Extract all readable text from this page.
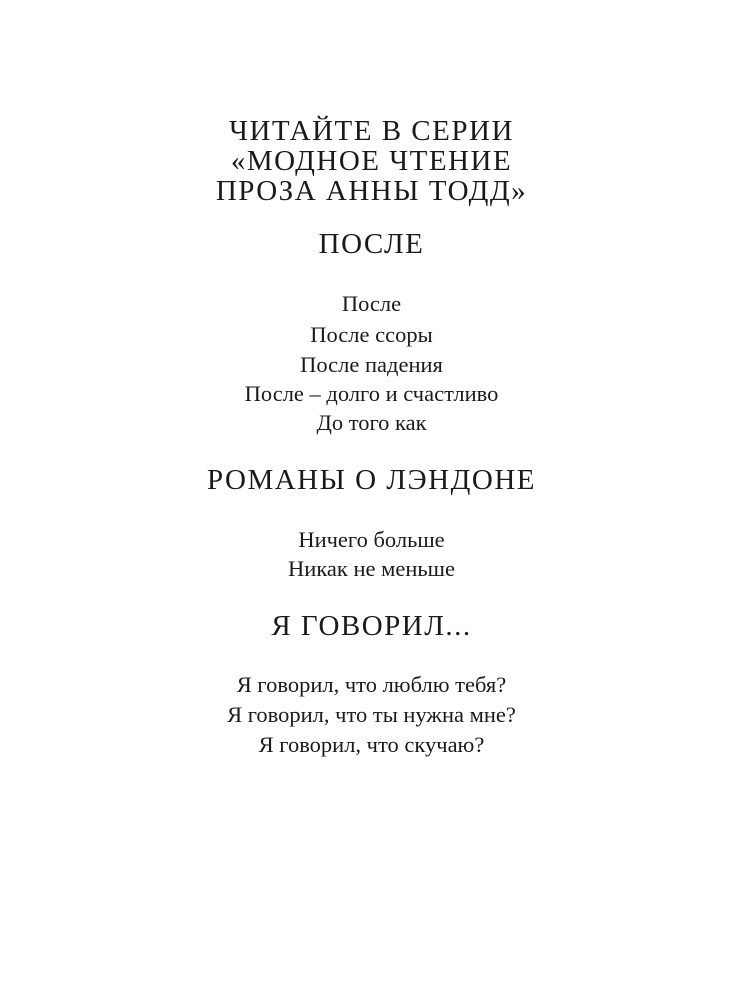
ЧИТАЙТЕ В СЕРИИ

«МОДНОЕ ЧТЕНИЕ

ПРОЗА АННЫ ТОДД»

ПОСЛЕ

После

После ссоры

После падения

После – долго и счастливо

До того как

РОМАНЫ О ЛЭНДОНЕ

Ничего больше

Никак не меньше

Я ГОВОРИЛ...

Я говорил, что люблю тебя?

Я говорил, что ты нужна мне?

Я говорил, что скучаю?
